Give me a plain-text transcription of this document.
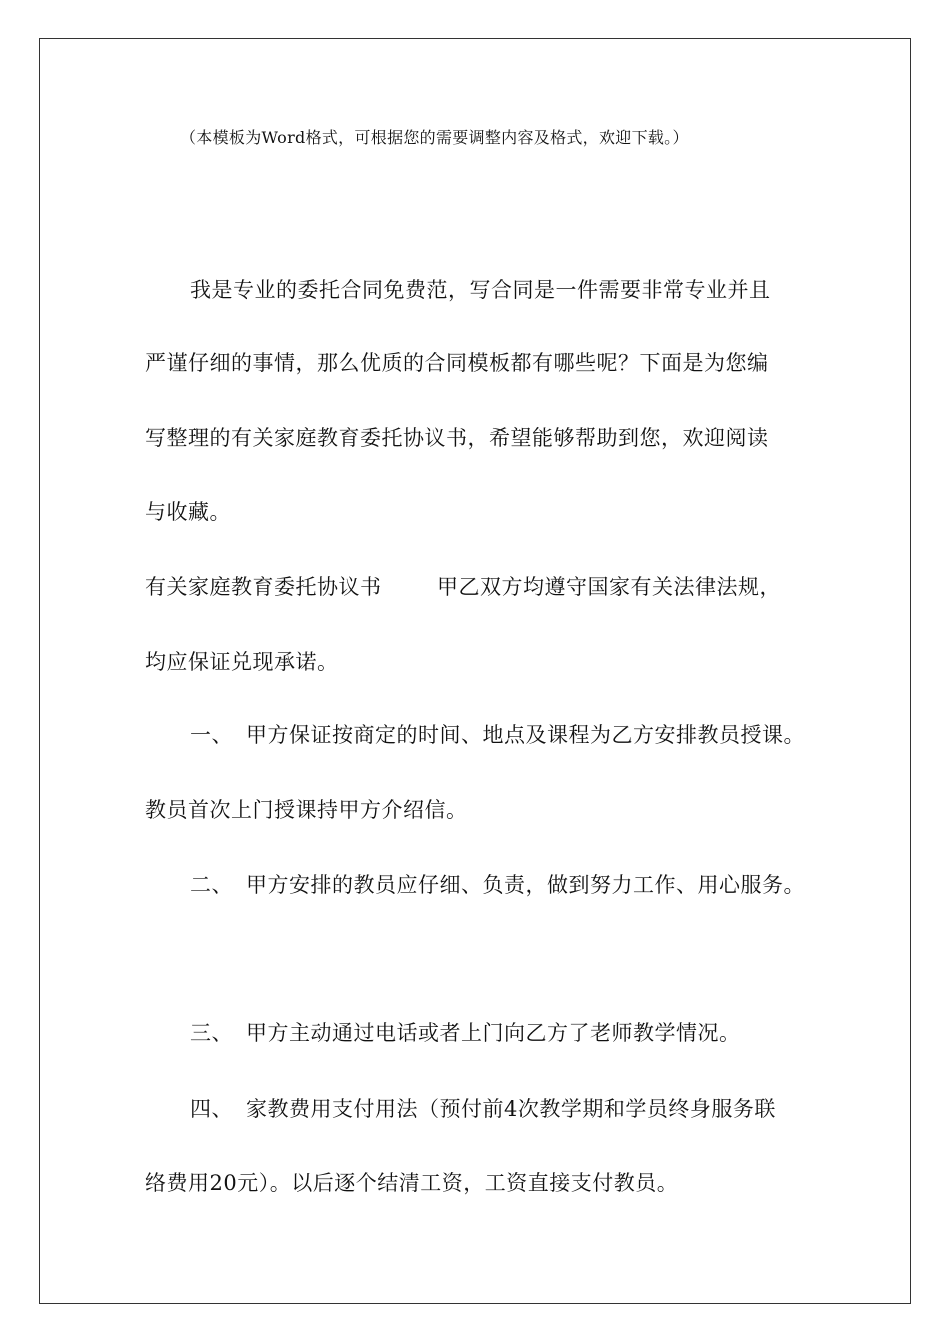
（本模板为Word格式，可根据您的需要调整内容及格式，欢迎下载。）
我是专业的委托合同免费范，写合同是一件需要非常专业并且
严谨仔细的事情，那么优质的合同模板都有哪些呢？下面是为您编
写整理的有关家庭教育委托协议书，希望能够帮助到您，欢迎阅读
与收藏。
有关家庭教育委托协议书	甲乙双方均遵守国家有关法律法规，
均应保证兑现承诺。
一、 甲方保证按商定的时间、地点及课程为乙方安排教员授课。
教员首次上门授课持甲方介绍信。
二、 甲方安排的教员应仔细、负责，做到努力工作、用心服务。
三、 甲方主动通过电话或者上门向乙方了老师教学情况。
四、 家教费用支付用法（预付前4次教学期和学员终身服务联
络费用20元）。以后逐个结清工资，工资直接支付教员。
